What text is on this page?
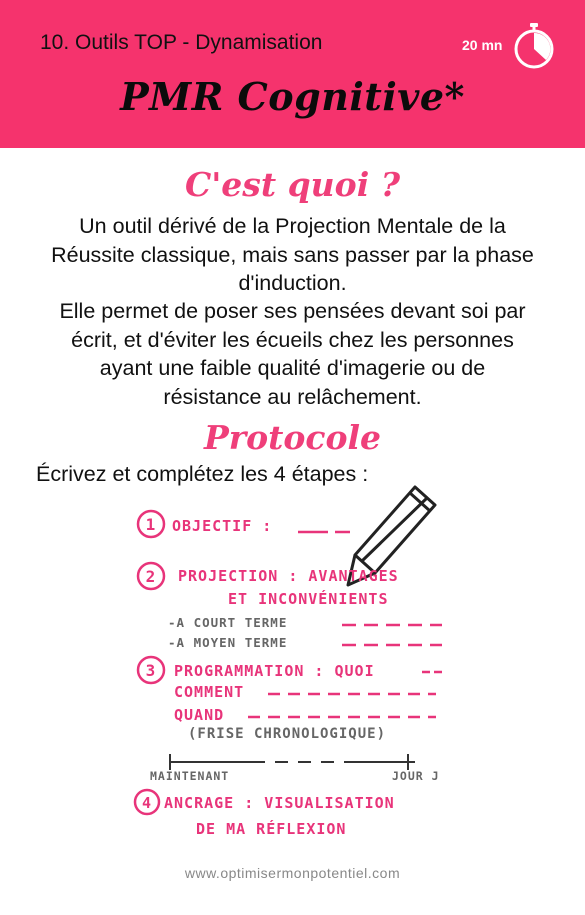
10. Outils TOP - Dynamisation	20 mn
PMR Cognitive*
C'est quoi ?
Un outil dérivé de la Projection Mentale de la
Réussite classique, mais sans passer par la phase
d'induction.
Elle permet de poser ses pensées devant soi par
écrit, et d'éviter les écueils chez les personnes
ayant une faible qualité d'imagerie ou de
résistance au relâchement.
Protocole
Écrivez et complétez les 4 étapes :
1 OBJECTIF :
2 PROJECTION : AVANTAGES
ET INCONVÉNIENTS
-A COURT TERME
-A MOYEN TERME
3 PROGRAMMATION : QUOI
COMMENT
QUAND
(FRISE CHRONOLOGIQUE)
MAINTENANT	JOUR J
4 ANCRAGE : VISUALISATION
DE MA RÉFLEXION
www.optimisermonpotentiel.com
